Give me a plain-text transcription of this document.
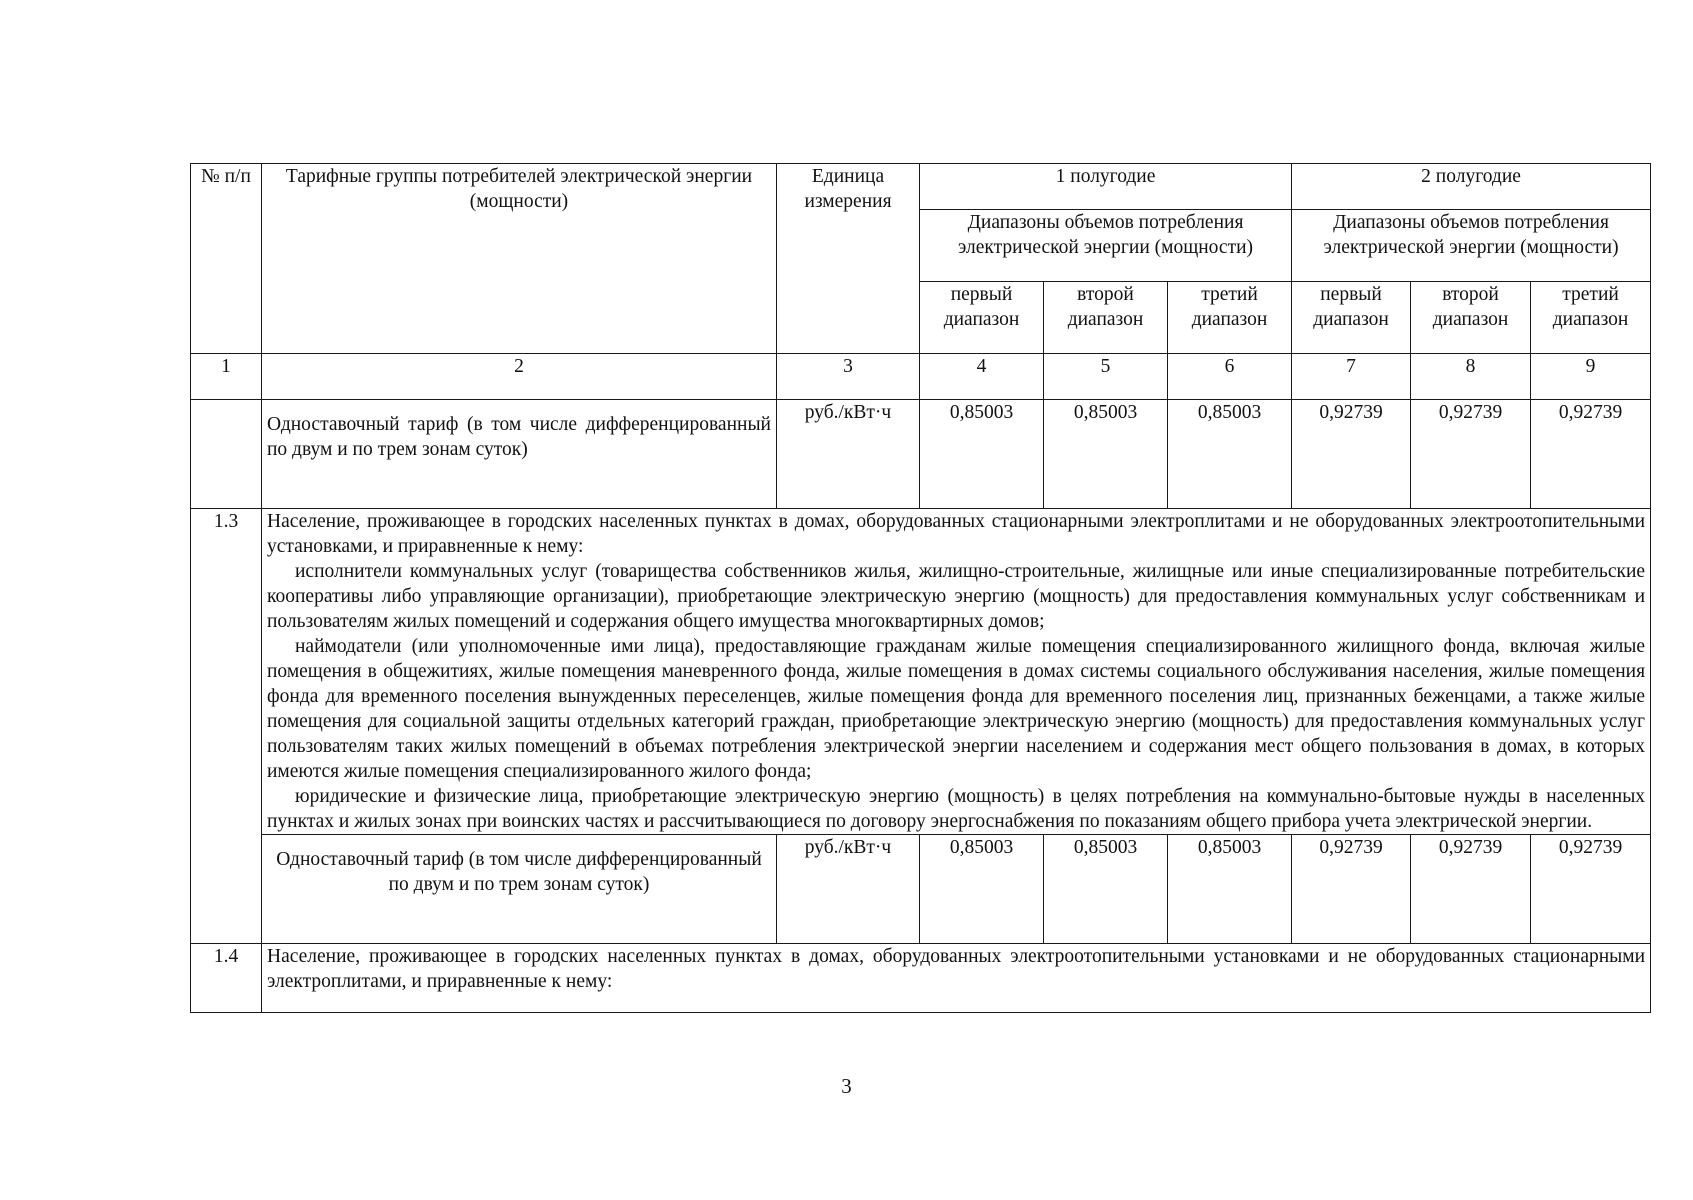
№ п/п	Тарифные группы потребителей электрической энергии (мощности)	Единица измерения	1 полугодие			2 полугодие		
			Диапазоны объемов потребления электрической энергии (мощности)			Диапазоны объемов потребления электрической энергии (мощности)		
			первый диапазон	второй диапазон	третий диапазон	первый диапазон	второй диапазон	третий диапазон
1	2	3	4	5	6	7	8	9
	Одноставочный тариф (в том числе дифференцированный по двум и по трем зонам суток)	руб./кВт·ч	0,85003	0,85003	0,85003	0,92739	0,92739	0,92739
1.3	Население, проживающее в городских населенных пунктах в домах, оборудованных стационарными электроплитами и не оборудованных электроотопительными установками, и приравненные к нему:

исполнители коммунальных услуг (товарищества собственников жилья, жилищно-строительные, жилищные или иные специализированные потребительские кооперативы либо управляющие организации), приобретающие электрическую энергию (мощность) для предоставления коммунальных услуг собственникам и пользователям жилых помещений и содержания общего имущества многоквартирных домов;

наймодатели (или уполномоченные ими лица), предоставляющие гражданам жилые помещения специализированного жилищного фонда, включая жилые помещения в общежитиях, жилые помещения маневренного фонда, жилые помещения в домах системы социального обслуживания населения, жилые помещения фонда для временного поселения вынужденных переселенцев, жилые помещения фонда для временного поселения лиц, признанных беженцами, а также жилые помещения для социальной защиты отдельных категорий граждан, приобретающие электрическую энергию (мощность) для предоставления коммунальных услуг пользователям таких жилых помещений в объемах потребления электрической энергии населением и содержания мест общего пользования в домах, в которых имеются жилые помещения специализированного жилого фонда;

юридические и физические лица, приобретающие электрическую энергию (мощность) в целях потребления на коммунально-бытовые нужды в населенных пунктах и жилых зонах при воинских частях и рассчитывающиеся по договору энергоснабжения по показаниям общего прибора учета электрической энергии.							

	Одноставочный тариф (в том числе дифференцированный по двум и по трем зонам суток)	руб./кВт·ч	0,85003	0,85003	0,85003	0,92739	0,92739	0,92739
1.4	Население, проживающее в городских населенных пунктах в домах, оборудованных электроотопительными установками и не оборудованных стационарными электроплитами, и приравненные к нему:							

3
